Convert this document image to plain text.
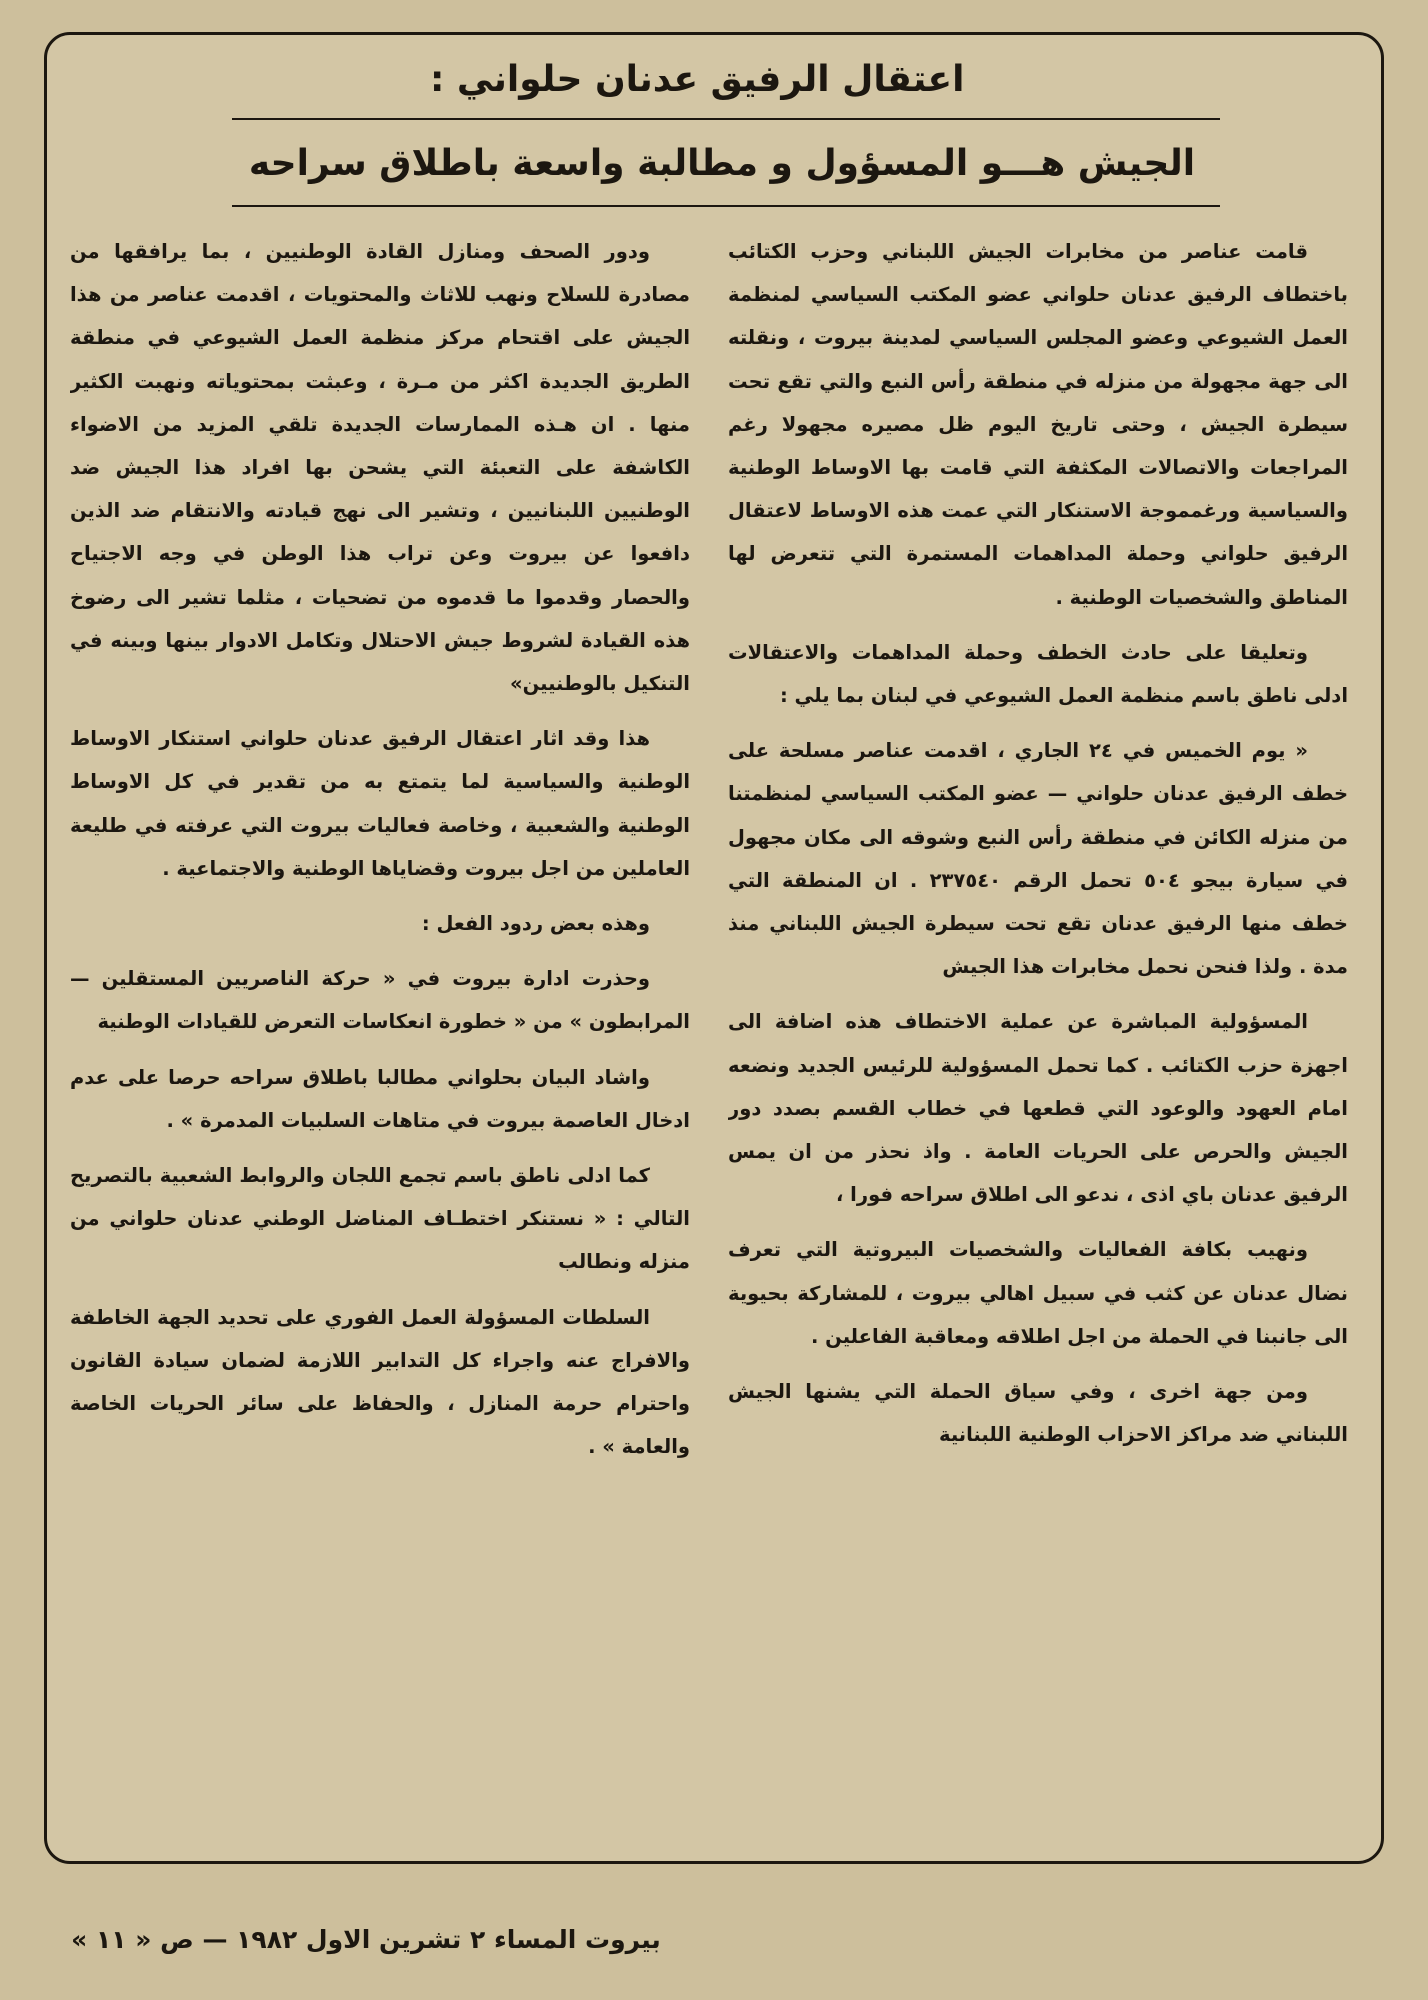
اعتقال الرفيق عدنان حلواني :
الجيش هـــو المسؤول و مطالبة واسعة باطلاق سراحه

قامت عناصر من مخابرات الجيش اللبناني وحزب الكتائب باختطاف الرفيق عدنان حلواني عضو المكتب السياسي لمنظمة العمل الشيوعي وعضو المجلس السياسي لمدينة بيروت ، ونقلته الى جهة مجهولة من منزله في منطقة رأس النبع والتي تقع تحت سيطرة الجيش ، وحتى تاريخ اليوم ظل مصيره مجهولا رغم المراجعات والاتصالات المكثفة التي قامت بها الاوساط الوطنية والسياسية ورغمموجة الاستنكار التي عمت هذه الاوساط لاعتقال الرفيق حلواني وحملة المداهمات المستمرة التي تتعرض لها المناطق والشخصيات الوطنية .

وتعليقا على حادث الخطف وحملة المداهمات والاعتقالات ادلى ناطق باسم منظمة العمل الشيوعي في لبنان بما يلي :

« يوم الخميس في ٢٤ الجاري ، اقدمت عناصر مسلحة على خطف الرفيق عدنان حلواني — عضو المكتب السياسي لمنظمتنا من منزله الكائن في منطقة رأس النبع وشوقه الى مكان مجهول في سيارة بيجو ٥٠٤ تحمل الرقم ٢٣٧٥٤٠ . ان المنطقة التي خطف منها الرفيق عدنان تقع تحت سيطرة الجيش اللبناني منذ مدة . ولذا فنحن نحمل مخابرات هذا الجيش

المسؤولية المباشرة عن عملية الاختطاف هذه اضافة الى اجهزة حزب الكتائب . كما تحمل المسؤولية للرئيس الجديد ونضعه امام العهود والوعود التي قطعها في خطاب القسم بصدد دور الجيش والحرص على الحريات العامة . واذ نحذر من ان يمس الرفيق عدنان باي اذى ، ندعو الى اطلاق سراحه فورا ،

ونهيب بكافة الفعاليات والشخصيات البيروتية التي تعرف نضال عدنان عن كثب في سبيل اهالي بيروت ، للمشاركة بحيوية الى جانبنا في الحملة من اجل اطلاقه ومعاقبة الفاعلين .

ومن جهة اخرى ، وفي سياق الحملة التي يشنها الجيش اللبناني ضد مراكز الاحزاب الوطنية اللبنانية

ودور الصحف ومنازل القادة الوطنيين ، بما يرافقها من مصادرة للسلاح ونهب للاثاث والمحتويات ، اقدمت عناصر من هذا الجيش على اقتحام مركز منظمة العمل الشيوعي في منطقة الطريق الجديدة اكثر من مـرة ، وعبثت بمحتوياته ونهبت الكثير منها . ان هـذه الممارسات الجديدة تلقي المزيد من الاضواء الكاشفة على التعبئة التي يشحن بها افراد هذا الجيش ضد الوطنيين اللبنانيين ، وتشير الى نهج قيادته والانتقام ضد الذين دافعوا عن بيروت وعن تراب هذا الوطن في وجه الاجتياح والحصار وقدموا ما قدموه من تضحيات ، مثلما تشير الى رضوخ هذه القيادة لشروط جيش الاحتلال وتكامل الادوار بينها وبينه في التنكيل بالوطنيين»

هذا وقد اثار اعتقال الرفيق عدنان حلواني استنكار الاوساط الوطنية والسياسية لما يتمتع به من تقدير في كل الاوساط الوطنية والشعبية ، وخاصة فعاليات بيروت التي عرفته في طليعة العاملين من اجل بيروت وقضاياها الوطنية والاجتماعية .

وهذه بعض ردود الفعل :

وحذرت ادارة بيروت في « حركة الناصريين المستقلين — المرابطون » من « خطورة انعكاسات التعرض للقيادات الوطنية

واشاد البيان بحلواني مطالبا باطلاق سراحه حرصا على عدم ادخال العاصمة بيروت في متاهات السلبيات المدمرة » .

كما ادلى ناطق باسم تجمع اللجان والروابط الشعبية بالتصريح التالي : « نستنكر اختطـاف المناضل الوطني عدنان حلواني من منزله ونطالب

السلطات المسؤولة العمل الفوري على تحديد الجهة الخاطفة والافراج عنه واجراء كل التدابير اللازمة لضمان سيادة القانون واحترام حرمة المنازل ، والحفاظ على سائر الحريات الخاصة والعامة » .

بيروت المساء ٢ تشرين الاول ١٩٨٢ — ص « ١١ »
